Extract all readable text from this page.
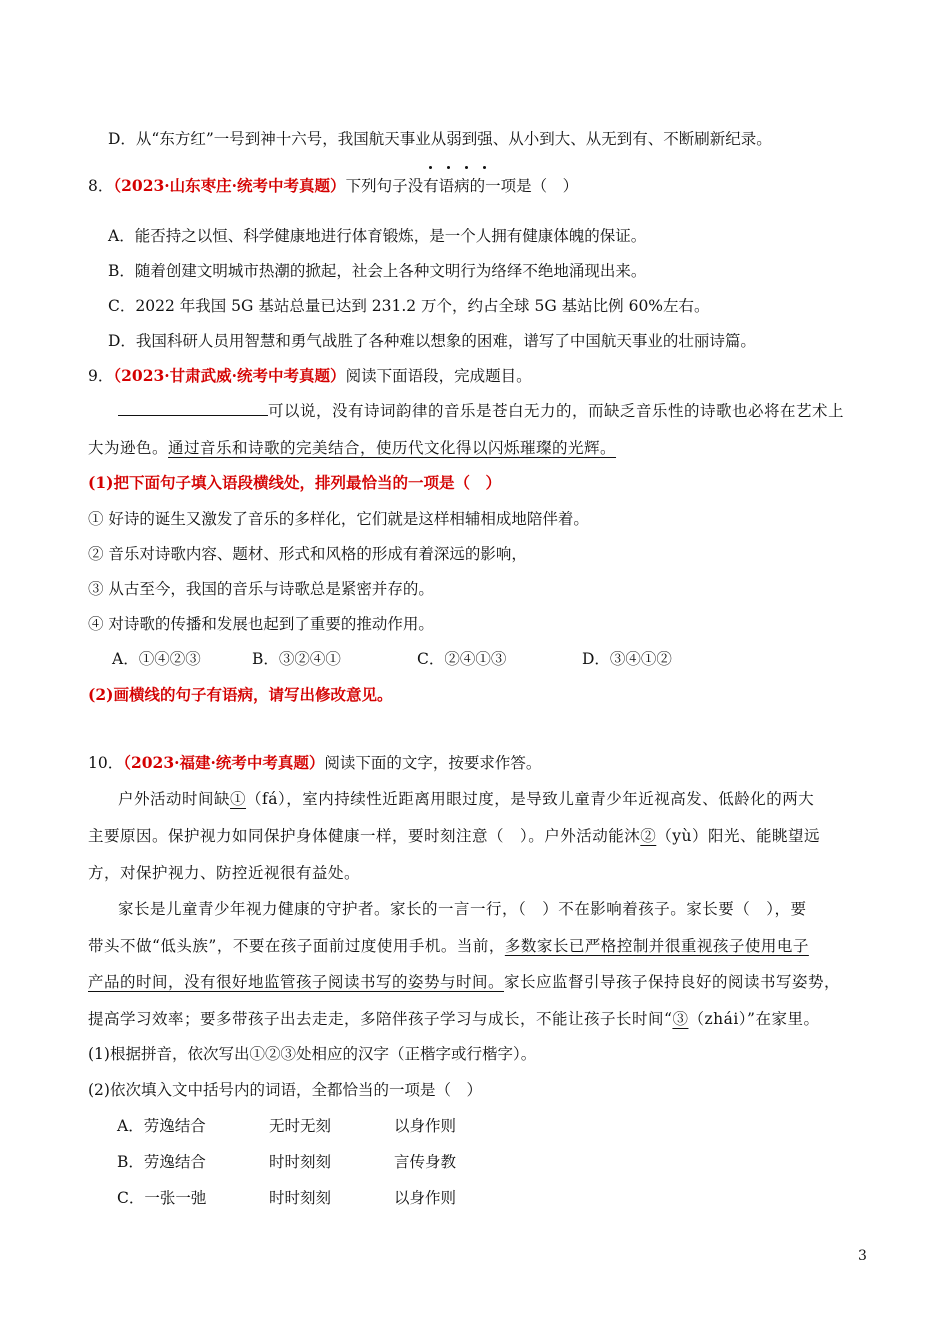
D．从“东方红”一号到神十六号，我国航天事业从弱到强、从小到大、从无到有、不断刷新纪录。
8．（2023·山东枣庄·统考中考真题）下列句子没有语病的一项是（　）
A．能否持之以恒、科学健康地进行体育锻炼，是一个人拥有健康体魄的保证。
B．随着创建文明城市热潮的掀起，社会上各种文明行为络绎不绝地涌现出来。
C．2022 年我国 5G 基站总量已达到 231.2 万个，约占全球 5G 基站比例 60%左右。
D．我国科研人员用智慧和勇气战胜了各种难以想象的困难，谱写了中国航天事业的壮丽诗篇。
9．（2023·甘肃武威·统考中考真题）阅读下面语段，完成题目。
可以说，没有诗词韵律的音乐是苍白无力的，而缺乏音乐性的诗歌也必将在艺术上
大为逊色。通过音乐和诗歌的完美结合，使历代文化得以闪烁璀璨的光辉。
(1)把下面句子填入语段横线处，排列最恰当的一项是（　）
① 好诗的诞生又激发了音乐的多样化，它们就是这样相辅相成地陪伴着。
② 音乐对诗歌内容、题材、形式和风格的形成有着深远的影响，
③ 从古至今，我国的音乐与诗歌总是紧密并存的。
④ 对诗歌的传播和发展也起到了重要的推动作用。
A．①④②③	B．③②④①	C．②④①③	D．③④①②
(2)画横线的句子有语病，请写出修改意见。
10．（2023·福建·统考中考真题）阅读下面的文字，按要求作答。
户外活动时间缺①（fá），室内持续性近距离用眼过度，是导致儿童青少年近视高发、低龄化的两大
主要原因。保护视力如同保护身体健康一样，要时刻注意（　）。户外活动能沐②（yù）阳光、能眺望远
方，对保护视力、防控近视很有益处。
家长是儿童青少年视力健康的守护者。家长的一言一行，（　）不在影响着孩子。家长要（　），要
带头不做“低头族”，不要在孩子面前过度使用手机。当前，多数家长已严格控制并很重视孩子使用电子
产品的时间，没有很好地监管孩子阅读书写的姿势与时间。家长应监督引导孩子保持良好的阅读书写姿势，
提高学习效率；要多带孩子出去走走，多陪伴孩子学习与成长，不能让孩子长时间“③（zhái）”在家里。
(1)根据拼音，依次写出①②③处相应的汉字（正楷字或行楷字）。
(2)依次填入文中括号内的词语，全都恰当的一项是（　）
A．劳逸结合	无时无刻	以身作则
B．劳逸结合	时时刻刻	言传身教
C．一张一弛	时时刻刻	以身作则
3
